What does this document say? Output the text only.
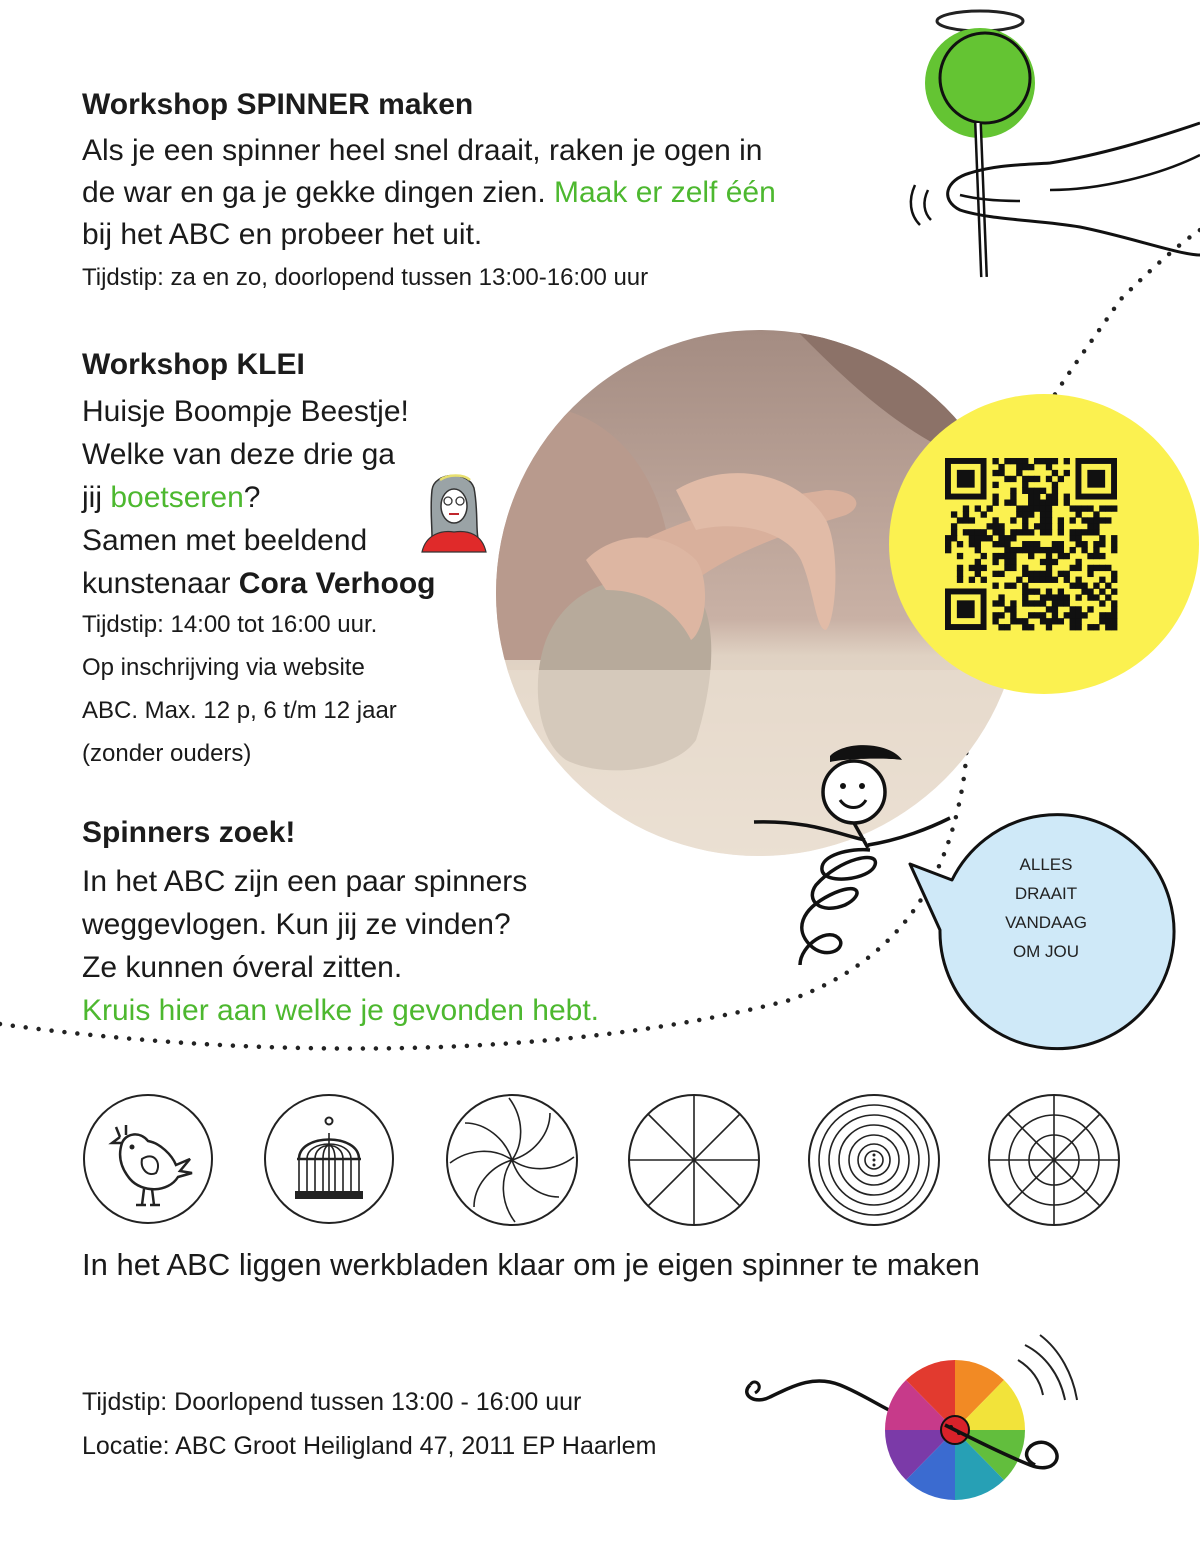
Workshop SPINNER maken
Als je een spinner heel snel draait, raken je ogen in
de war en ga je gekke dingen zien. Maak er zelf één
bij het ABC en probeer het uit.
Tijdstip: za en zo, doorlopend tussen 13:00-16:00 uur
Workshop KLEI
Huisje Boompje Beestje!
Welke van deze drie ga
jij boetseren?
Samen met beeldend
kunstenaar Cora Verhoog
Tijdstip: 14:00 tot 16:00 uur.
Op inschrijving via website
ABC. Max. 12 p, 6 t/m 12 jaar
(zonder ouders)
ALLES
DRAAIT
VANDAAG
OM JOU
Spinners zoek!
In het ABC zijn een paar spinners
weggevlogen. Kun jij ze vinden?
Ze kunnen óveral zitten.
Kruis hier aan welke je gevonden hebt.
In het ABC liggen werkbladen klaar om je eigen spinner te maken
Tijdstip: Doorlopend tussen 13:00 - 16:00 uur
Locatie: ABC Groot Heiligland 47, 2011 EP Haarlem
